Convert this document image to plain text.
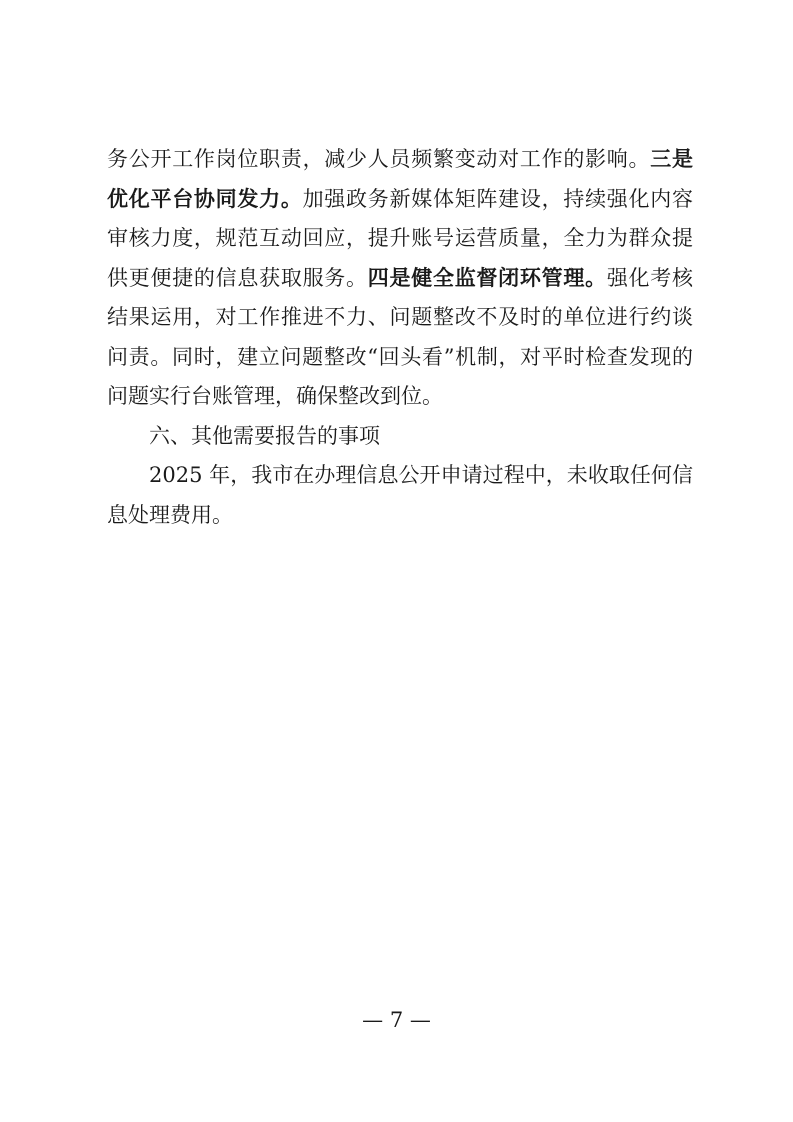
务公开工作岗位职责，减少人员频繁变动对工作的影响。三是优化平台协同发力。加强政务新媒体矩阵建设，持续强化内容审核力度，规范互动回应，提升账号运营质量，全力为群众提供更便捷的信息获取服务。四是健全监督闭环管理。强化考核结果运用，对工作推进不力、问题整改不及时的单位进行约谈问责。同时，建立问题整改“回头看”机制，对平时检查发现的问题实行台账管理，确保整改到位。

六、其他需要报告的事项

2025 年，我市在办理信息公开申请过程中，未收取任何信息处理费用。

— 7 —
